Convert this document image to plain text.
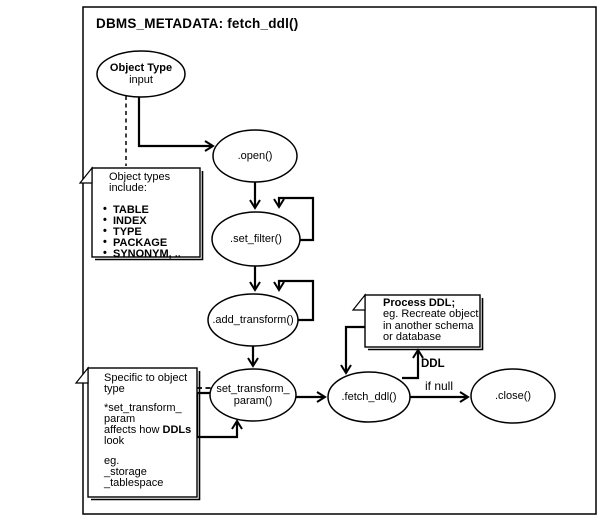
DBMS_METADATA: fetch_ddl()
Object Type
input
.open()
.set_filter()
.add_transform()
set_transform_
param()	.fetch_ddl()	.close()
DDL
if null
Object types
include:
• TABLE
• INDEX
• TYPE
• PACKAGE
• SYNONYM, ..
Specific to object
type
*set_transform_
param
affects how DDLs
look
eg.
_storage
_tablespace
Process DDL;
eg. Recreate object
in another schema
or database
